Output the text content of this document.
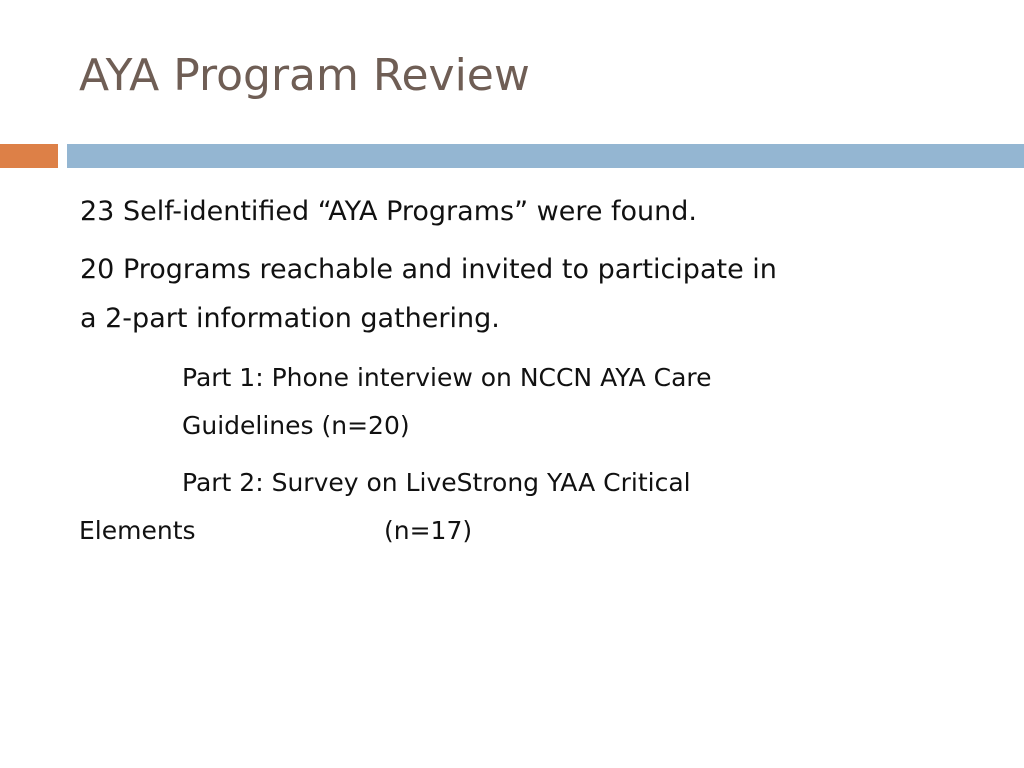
AYA Program Review

23 Self-identified “AYA Programs” were found.

20 Programs reachable and invited to participate in

a 2-part information gathering.

Part 1: Phone interview on NCCN AYA Care

Guidelines (n=20)

Part 2: Survey on LiveStrong YAA Critical

Elements	(n=17)
